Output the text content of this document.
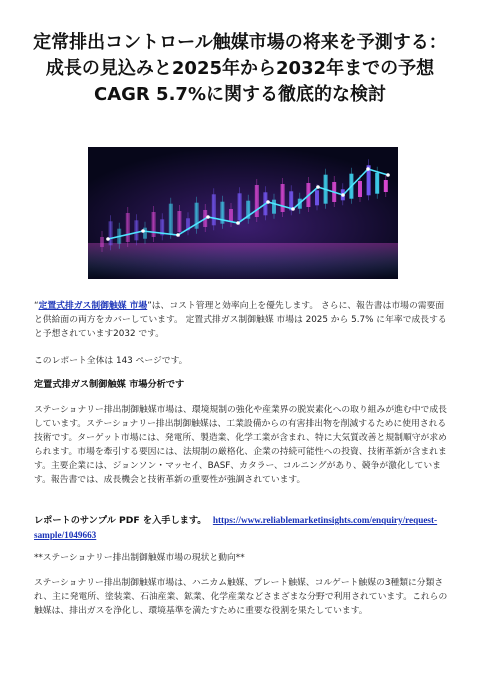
定常排出コントロール触媒市場の将来を予測する：成長の見込みと2025年から2032年までの予想CAGR 5.7%に関する徹底的な検討

“定置式排ガス制御触媒 市場”は、コスト管理と効率向上を優先します。 さらに、報告書は市場の需要面と供給面の両方をカバーしています。 定置式排ガス制御触媒 市場は 2025 から 5.7% に年率で成長すると予想されています2032 です。

このレポート全体は 143 ページです。

定置式排ガス制御触媒 市場分析です

ステーショナリー排出制御触媒市場は、環境規制の強化や産業界の脱炭素化への取り組みが進む中で成長しています。ステーショナリー排出制御触媒は、工業設備からの有害排出物を削減するために使用される技術です。ターゲット市場には、発電所、製造業、化学工業が含まれ、特に大気質改善と規制順守が求められます。市場を牽引する要因には、法規制の厳格化、企業の持続可能性への投資、技術革新が含まれます。主要企業には、ジョンソン・マッセイ、BASF、カタラー、コルニングがあり、競争が激化しています。報告書では、成長機会と技術革新の重要性が強調されています。

レポートのサンプル PDF を入手します。 https://www.reliablemarketinsights.com/enquiry/request-sample/1049663

**ステーショナリー排出制御触媒市場の現状と動向**

ステーショナリー排出制御触媒市場は、ハニカム触媒、プレート触媒、コルゲート触媒の3種類に分類され、主に発電所、塗装業、石油産業、鉱業、化学産業などさまざまな分野で利用されています。これらの触媒は、排出ガスを浄化し、環境基準を満たすために重要な役割を果たしています。
